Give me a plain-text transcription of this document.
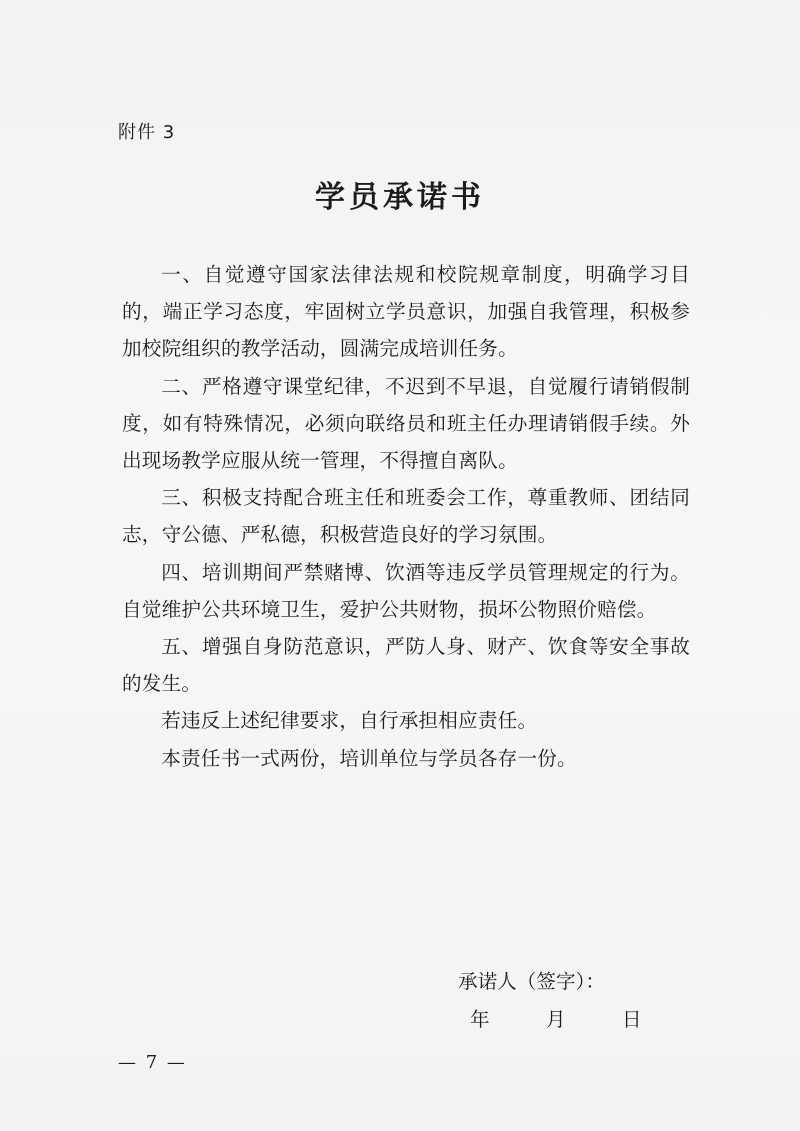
附件 3
学员承诺书

一、自觉遵守国家法律法规和校院规章制度，明确学习目的，端正学习态度，牢固树立学员意识，加强自我管理，积极参加校院组织的教学活动，圆满完成培训任务。

二、严格遵守课堂纪律，不迟到不早退，自觉履行请销假制度，如有特殊情况，必须向联络员和班主任办理请销假手续。外出现场教学应服从统一管理，不得擅自离队。

三、积极支持配合班主任和班委会工作，尊重教师、团结同志，守公德、严私德，积极营造良好的学习氛围。

四、培训期间严禁赌博、饮酒等违反学员管理规定的行为。自觉维护公共环境卫生，爱护公共财物，损坏公物照价赔偿。

五、增强自身防范意识，严防人身、财产、饮食等安全事故的发生。

若违反上述纪律要求，自行承担相应责任。

本责任书一式两份，培训单位与学员各存一份。

承诺人（签字）：
年	月	日
— 7 —
